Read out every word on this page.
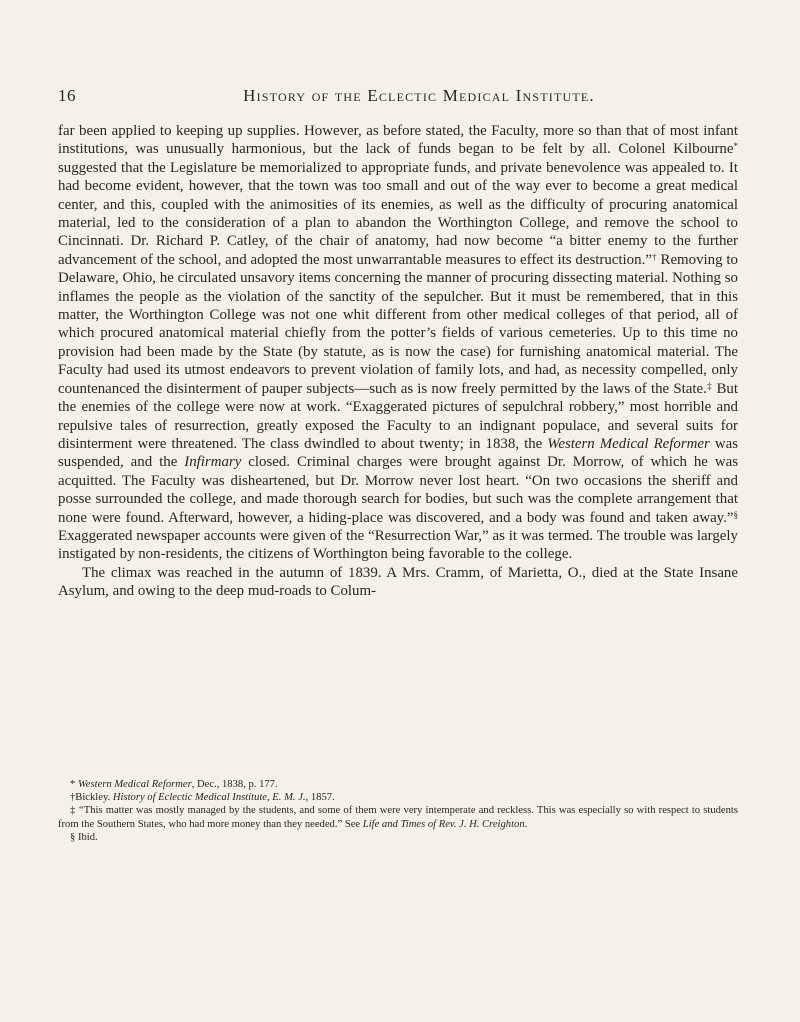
16	History of the Eclectic Medical Institute.

far been applied to keeping up supplies. However, as before stated, the Faculty, more so than that of most infant institutions, was unusually harmonious, but the lack of funds began to be felt by all. Colonel Kilbourne* suggested that the Legislature be memorialized to appropriate funds, and private benevolence was appealed to. It had become evident, however, that the town was too small and out of the way ever to become a great medical center, and this, coupled with the animosities of its enemies, as well as the difficulty of procuring anatomical material, led to the consideration of a plan to abandon the Worthington College, and remove the school to Cincinnati. Dr. Richard P. Catley, of the chair of anatomy, had now become “a bitter enemy to the further advancement of the school, and adopted the most unwarrantable measures to effect its destruction.”† Removing to Delaware, Ohio, he circulated unsavory items concerning the manner of procuring dissecting material. Nothing so inflames the people as the violation of the sanctity of the sepulcher. But it must be remembered, that in this matter, the Worthington College was not one whit different from other medical colleges of that period, all of which procured anatomical material chiefly from the potter’s fields of various cemeteries. Up to this time no provision had been made by the State (by statute, as is now the case) for furnishing anatomical material. The Faculty had used its utmost endeavors to prevent violation of family lots, and had, as necessity compelled, only countenanced the disinterment of pauper subjects—such as is now freely permitted by the laws of the State.‡ But the enemies of the college were now at work. “Exaggerated pictures of sepulchral robbery,” most horrible and repulsive tales of resurrection, greatly exposed the Faculty to an indignant populace, and several suits for disinterment were threatened. The class dwindled to about twenty; in 1838, the Western Medical Reformer was suspended, and the Infirmary closed. Criminal charges were brought against Dr. Morrow, of which he was acquitted. The Faculty was disheartened, but Dr. Morrow never lost heart. “On two occasions the sheriff and posse surrounded the college, and made thorough search for bodies, but such was the complete arrangement that none were found. Afterward, however, a hiding-place was discovered, and a body was found and taken away.”§ Exaggerated newspaper accounts were given of the “Resurrection War,” as it was termed. The trouble was largely instigated by non-residents, the citizens of Worthington being favorable to the college.

The climax was reached in the autumn of 1839. A Mrs. Cramm, of Marietta, O., died at the State Insane Asylum, and owing to the deep mud-roads to Colum-

* Western Medical Reformer, Dec., 1838, p. 177.

†Bickley. History of Eclectic Medical Institute, E. M. J., 1857.

‡ “This matter was mostly managed by the students, and some of them were very intemperate and reckless. This was especially so with respect to students from the Southern States, who had more money than they needed.” See Life and Times of Rev. J. H. Creighton.

§ Ibid.
